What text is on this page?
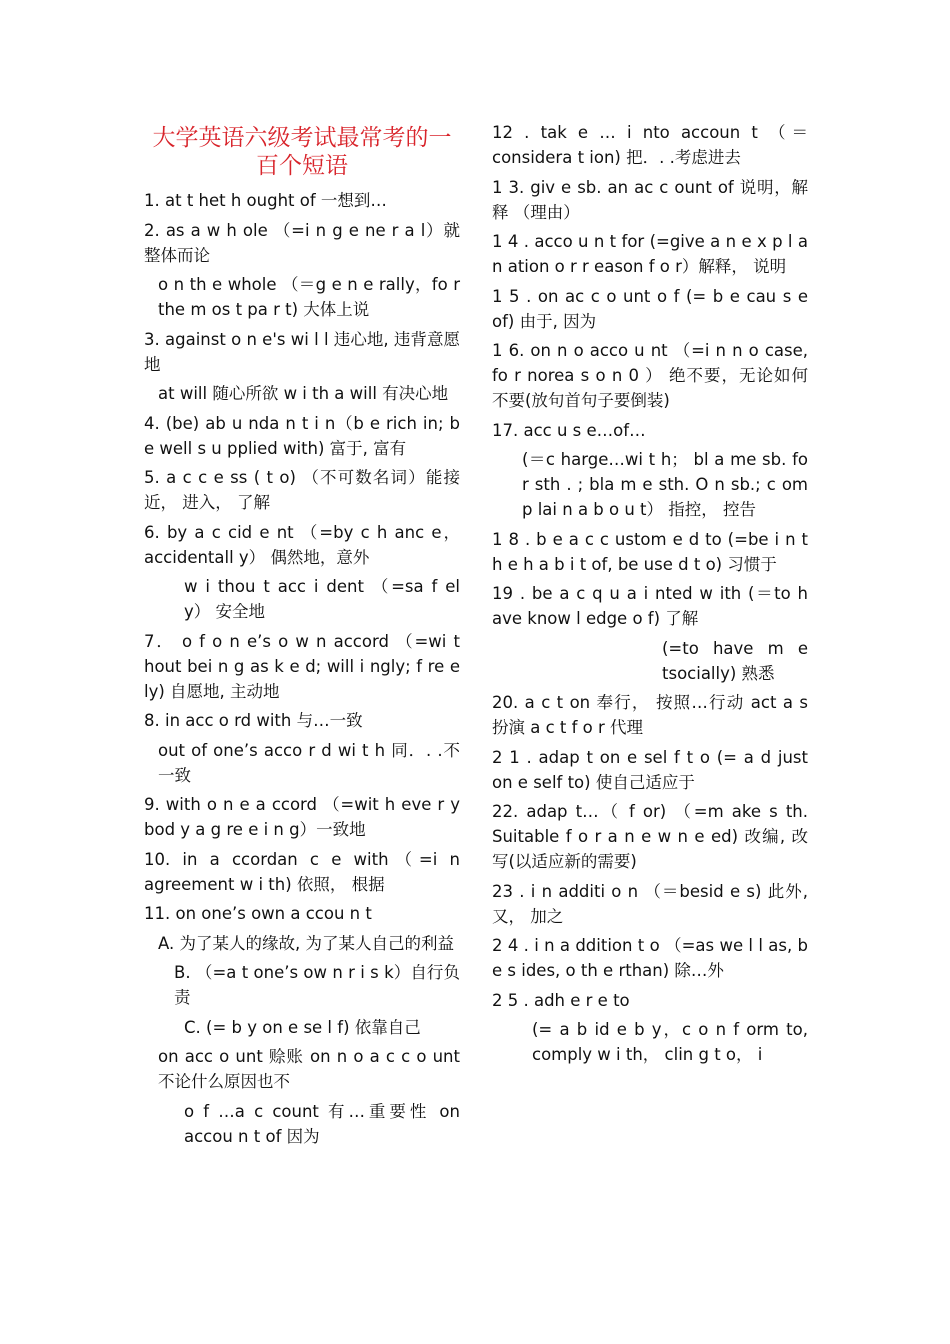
大学英语六级考试最常考的一百个短语

1. at t het h ought of 一想到…

2. as a w h ole （=i n g e ne r a l）就整体而论

o n th e whole （＝g e n e rally，fo r the m os t pa r t) 大体上说

3. against o n e's wi l l 违心地, 违背意愿地

at will 随心所欲 w i th a will 有决心地

4. (be) ab u nda n t i n（b e rich in; b e well s u pplied with) 富于, 富有

5. a c c e ss ( t o) （不可数名词）能接近， 进入， 了解

6. by a c cid e nt （=by c h anc e，accidentall y） 偶然地，意外

w i thou t acc i dent （=sa f el y） 安全地

7． o f o n e’s o w n accord （=wi t hout bei n g as k e d; will i ngly; f re e ly) 自愿地, 主动地

8. in acc o rd with 与…一致

out of one’s acco r d wi t h 同．. .不一致

9. with o n e a ccord （=wit h eve r y bod y a g re e i n g）一致地

10. in a ccordan c e with（=i n agreement w i th) 依照， 根据

11. on one’s own a ccou n t

A. 为了某人的缘故, 为了某人自己的利益

B. （=a t one’s ow n r i s k）自行负责

C. (= b y on e se l f) 依靠自己

on acc o unt 赊账 on n o a c c o unt 不论什么原因也不

o f …a c count 有…重要性 on accou n t of 因为

12 . tak e … i nto accoun t （＝considera t ion) 把．. .考虑进去

1 3. giv e sb. an ac c ount of 说明，解释 （理由）

1 4 . acco u n t for (=give a n e x p l a n ation o r r eason f o r）解释， 说明

1 5 . on ac c o unt o f (= b e cau s e of) 由于, 因为

1 6. on n o acco u nt （=i n n o case, fo r norea s o n 0 ） 绝不要，无论如何不要(放句首句子要倒装)

17. acc u s e…of…

(＝c harge…wi t h； bl a me sb. fo r sth . ; bla m e sth. O n sb.; c om p lai n a b o u t） 指控， 控告

1 8 . b e a c c ustom e d to (=be i n t h e h a b i t of, be use d t o) 习惯于

19 . be a c q u a i nted w ith (＝to h ave know l edge o f) 了解

(=to have m e tsocially) 熟悉

20. a c t on 奉行， 按照…行动 act a s 扮演 a c t f o r 代理

2 1 . adap t on e sel f t o (= a d just on e self to) 使自己适应于

22. adap t…（ f or) （=m ake s th. Suitable f o r a n e w n e ed) 改编, 改写(以适应新的需要)

23 . i n additi o n （＝besid e s) 此外, 又， 加之

2 4 . i n a ddition t o （=as we l l as, b e s ides, o th e rthan) 除…外

2 5 . adh e r e to

(= a b id e b y，c o n f orm to, comply w i th， clin g t o， i
